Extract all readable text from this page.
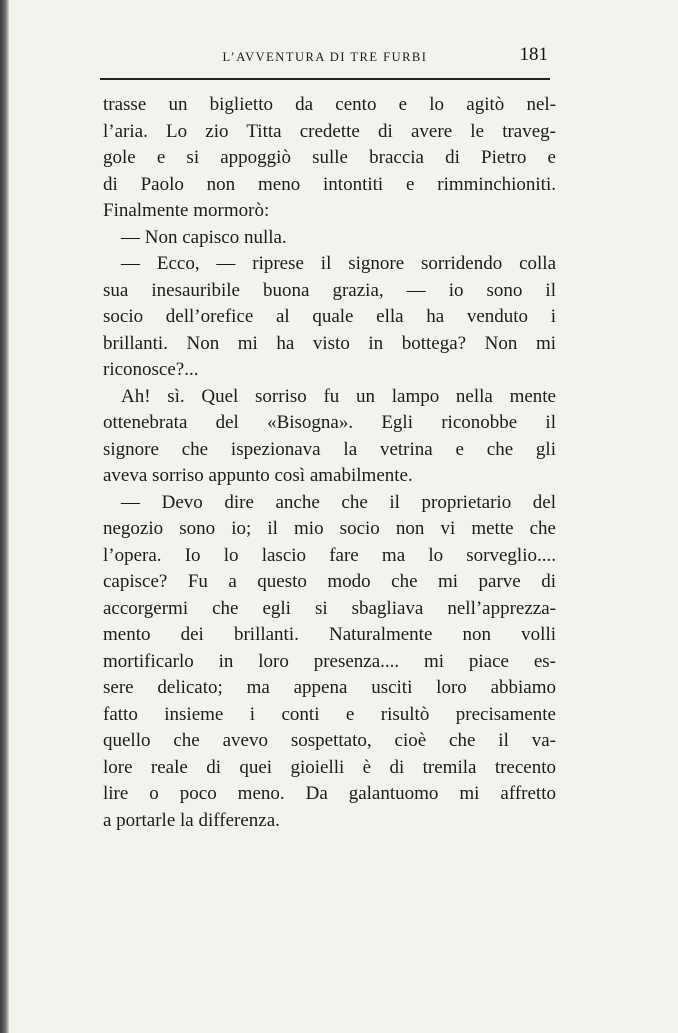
L’AVVENTURA DI TRE FURBI	181
trasse un biglietto da cento e lo agitò nel-
l’aria. Lo zio Titta credette di avere le traveg-
gole e si appoggiò sulle braccia di Pietro e
di Paolo non meno intontiti e rimminchioniti.
Finalmente mormorò:
— Non capisco nulla.
— Ecco, — riprese il signore sorridendo colla
sua inesauribile buona grazia, — io sono il
socio dell’orefice al quale ella ha venduto i
brillanti. Non mi ha visto in bottega? Non mi
riconosce?...
Ah! sì. Quel sorriso fu un lampo nella mente
ottenebrata del «Bisogna». Egli riconobbe il
signore che ispezionava la vetrina e che gli
aveva sorriso appunto così amabilmente.
— Devo dire anche che il proprietario del
negozio sono io; il mio socio non vi mette che
l’opera. Io lo lascio fare ma lo sorveglio....
capisce? Fu a questo modo che mi parve di
accorgermi che egli si sbagliava nell’apprezza-
mento dei brillanti. Naturalmente non volli
mortificarlo in loro presenza.... mi piace es-
sere delicato; ma appena usciti loro abbiamo
fatto insieme i conti e risultò precisamente
quello che avevo sospettato, cioè che il va-
lore reale di quei gioielli è di tremila trecento
lire o poco meno. Da galantuomo mi affretto
a portarle la differenza.
